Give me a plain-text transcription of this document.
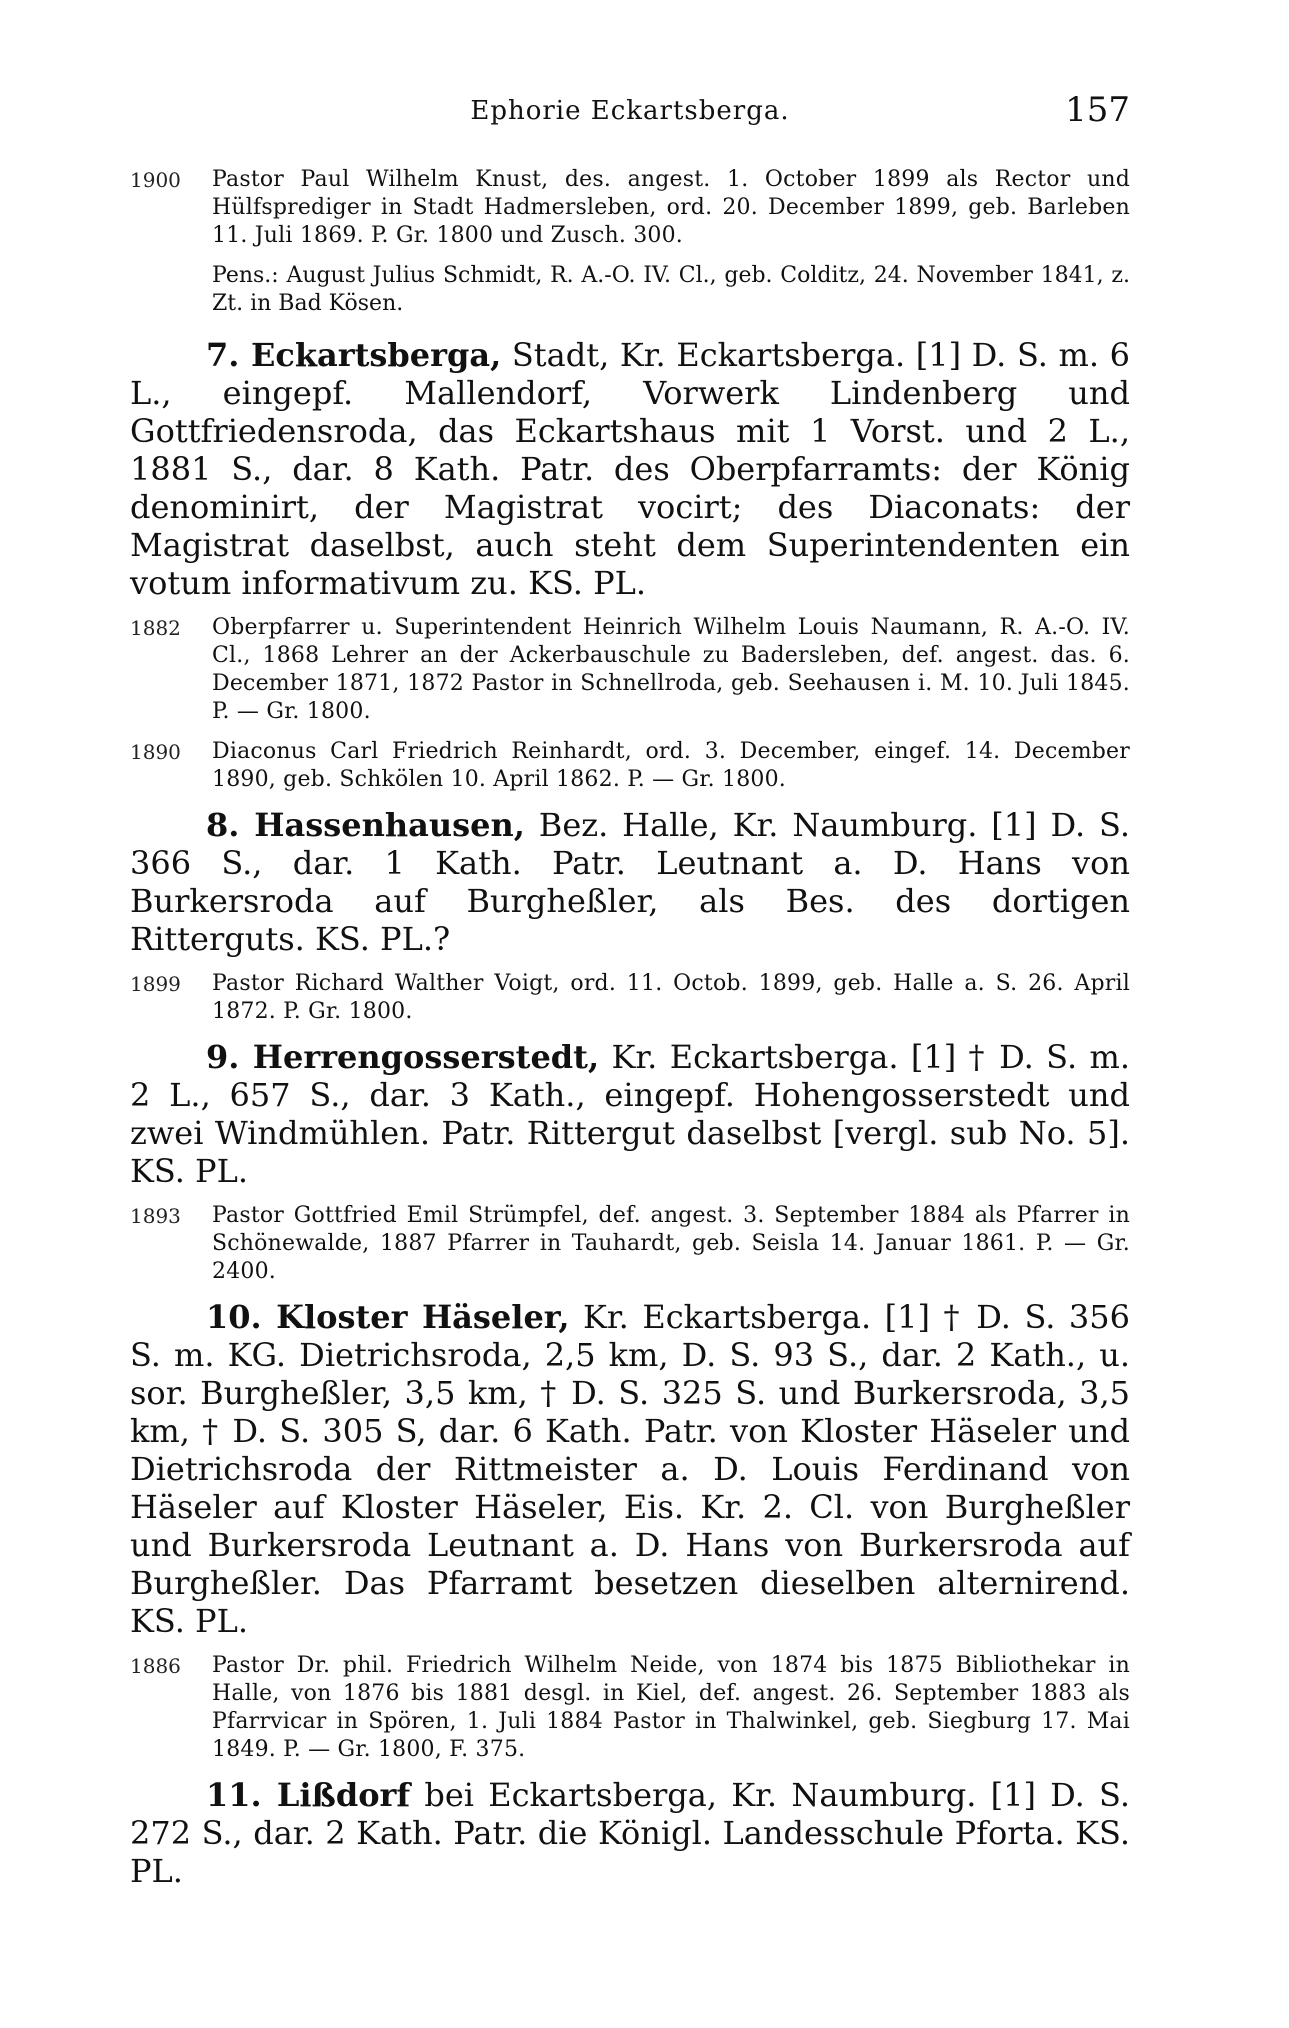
Ephorie Eckartsberga.	157
1900	Pastor Paul Wilhelm Knust, des. angest. 1. October 1899 als Rector und Hülfsprediger in Stadt Hadmersleben, ord. 20. December 1899, geb. Barleben 11. Juli 1869. P. Gr. 1800 und Zusch. 300.
Pens.: August Julius Schmidt, R. A.-O. IV. Cl., geb. Colditz, 24. November 1841, z. Zt. in Bad Kösen.

7. Eckartsberga, Stadt, Kr. Eckartsberga. [1] D. S. m. 6 L., eingepf. Mallendorf, Vorwerk Lindenberg und Gottfriedensroda, das Eckartshaus mit 1 Vorst. und 2 L., 1881 S., dar. 8 Kath. Patr. des Oberpfarramts: der König denominirt, der Magistrat vocirt; des Diaconats: der Magistrat daselbst, auch steht dem Superintendenten ein votum informativum zu. KS. PL.

1882	Oberpfarrer u. Superintendent Heinrich Wilhelm Louis Naumann, R. A.-O. IV. Cl., 1868 Lehrer an der Ackerbauschule zu Badersleben, def. angest. das. 6. December 1871, 1872 Pastor in Schnellroda, geb. Seehausen i. M. 10. Juli 1845. P. — Gr. 1800.
1890	Diaconus Carl Friedrich Reinhardt, ord. 3. December, eingef. 14. December 1890, geb. Schkölen 10. April 1862. P. — Gr. 1800.

8. Hassenhausen, Bez. Halle, Kr. Naumburg. [1] D. S. 366 S., dar. 1 Kath. Patr. Leutnant a. D. Hans von Burkersroda auf Burgheßler, als Bes. des dortigen Ritterguts. KS. PL.?

1899	Pastor Richard Walther Voigt, ord. 11. Octob. 1899, geb. Halle a. S. 26. April 1872. P. Gr. 1800.

9. Herrengosserstedt, Kr. Eckartsberga. [1] † D. S. m. 2 L., 657 S., dar. 3 Kath., eingepf. Hohengosserstedt und zwei Windmühlen. Patr. Rittergut daselbst [vergl. sub No. 5]. KS. PL.

1893	Pastor Gottfried Emil Strümpfel, def. angest. 3. September 1884 als Pfarrer in Schönewalde, 1887 Pfarrer in Tauhardt, geb. Seisla 14. Januar 1861. P. — Gr. 2400.

10. Kloster Häseler, Kr. Eckartsberga. [1] † D. S. 356 S. m. KG. Dietrichsroda, 2,5 km, D. S. 93 S., dar. 2 Kath., u. sor. Burgheßler, 3,5 km, † D. S. 325 S. und Burkersroda, 3,5 km, † D. S. 305 S, dar. 6 Kath. Patr. von Kloster Häseler und Dietrichsroda der Rittmeister a. D. Louis Ferdinand von Häseler auf Kloster Häseler, Eis. Kr. 2. Cl. von Burgheßler und Burkersroda Leutnant a. D. Hans von Burkersroda auf Burgheßler. Das Pfarramt besetzen dieselben alternirend. KS. PL.

1886	Pastor Dr. phil. Friedrich Wilhelm Neide, von 1874 bis 1875 Bibliothekar in Halle, von 1876 bis 1881 desgl. in Kiel, def. angest. 26. September 1883 als Pfarrvicar in Spören, 1. Juli 1884 Pastor in Thalwinkel, geb. Siegburg 17. Mai 1849. P. — Gr. 1800, F. 375.

11. Lißdorf bei Eckartsberga, Kr. Naumburg. [1] D. S. 272 S., dar. 2 Kath. Patr. die Königl. Landesschule Pforta. KS. PL.
